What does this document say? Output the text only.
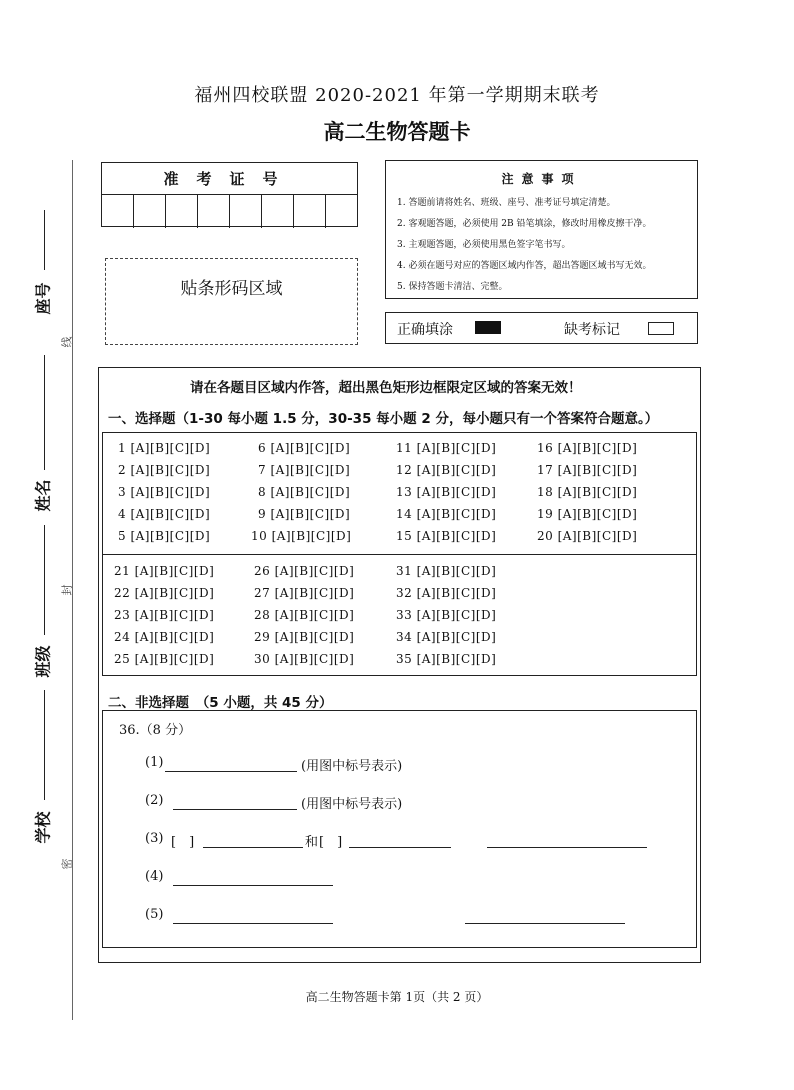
福州四校联盟 2020-2021 年第一学期期末联考
高二生物答题卡
线
封
密
座号
姓名
班级
学校
准考证号
贴条形码区域
注意事项
1. 答题前请将姓名、班级、座号、准考证号填定清楚。
2. 客观题答题，必须使用 2B 铅笔填涂，修改时用橡皮擦干净。
3. 主观题答题，必须使用黑色签字笔书写。
4. 必须在题号对应的答题区域内作答，超出答题区域书写无效。
5. 保持答题卡清洁、完整。
正确填涂	缺考标记
请在各题目区域内作答，超出黑色矩形边框限定区域的答案无效！
一、选择题（1-30 每小题 1.5 分，30-35 每小题 2 分，每小题只有一个答案符合题意。）
1 [A][B][C][D]	6 [A][B][C][D]	11 [A][B][C][D]	16 [A][B][C][D]
2 [A][B][C][D]	7 [A][B][C][D]	12 [A][B][C][D]	17 [A][B][C][D]
3 [A][B][C][D]	8 [A][B][C][D]	13 [A][B][C][D]	18 [A][B][C][D]
4 [A][B][C][D]	9 [A][B][C][D]	14 [A][B][C][D]	19 [A][B][C][D]
5 [A][B][C][D]	10 [A][B][C][D]	15 [A][B][C][D]	20 [A][B][C][D]
21 [A][B][C][D]	26 [A][B][C][D]	31 [A][B][C][D]
22 [A][B][C][D]	27 [A][B][C][D]	32 [A][B][C][D]
23 [A][B][C][D]	28 [A][B][C][D]	33 [A][B][C][D]
24 [A][B][C][D]	29 [A][B][C][D]	34 [A][B][C][D]
25 [A][B][C][D]	30 [A][B][C][D]	35 [A][B][C][D]
二、非选择题　（5 小题，共 45 分）
36.（8 分）
(1)	(用图中标号表示)
(2)	(用图中标号表示)
(3) [　]	和 [　]
(4)
(5)
高二生物答题卡第 1页（共 2 页）
